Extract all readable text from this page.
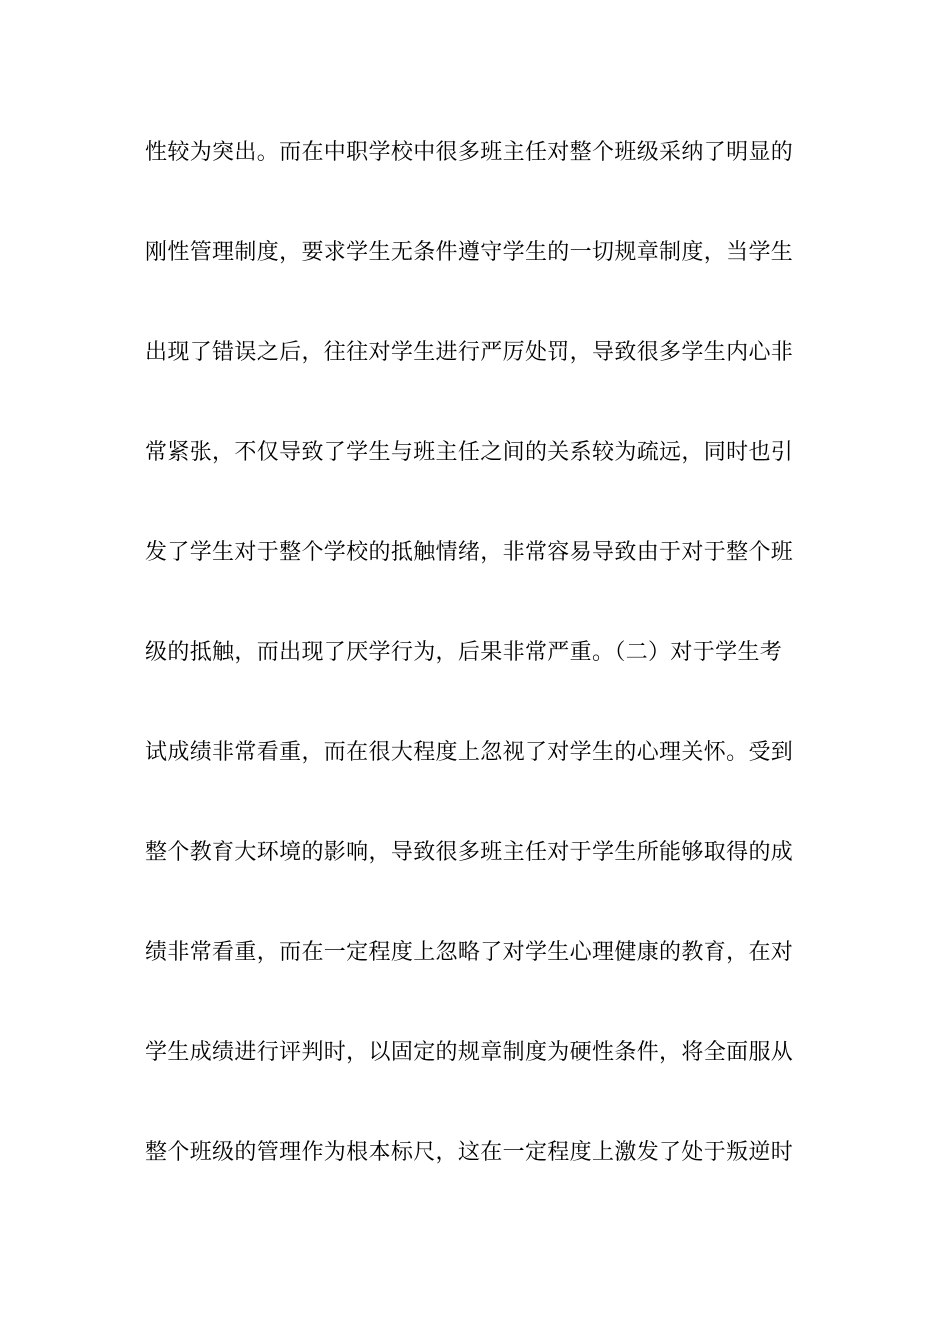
性较为突出。而在中职学校中很多班主任对整个班级采纳了明显的
刚性管理制度，要求学生无条件遵守学生的一切规章制度，当学生
出现了错误之后，往往对学生进行严厉处罚，导致很多学生内心非
常紧张，不仅导致了学生与班主任之间的关系较为疏远，同时也引
发了学生对于整个学校的抵触情绪，非常容易导致由于对于整个班
级的抵触，而出现了厌学行为，后果非常严重。（二）对于学生考
试成绩非常看重，而在很大程度上忽视了对学生的心理关怀。受到
整个教育大环境的影响，导致很多班主任对于学生所能够取得的成
绩非常看重，而在一定程度上忽略了对学生心理健康的教育，在对
学生成绩进行评判时，以固定的规章制度为硬性条件，将全面服从
整个班级的管理作为根本标尺，这在一定程度上激发了处于叛逆时
